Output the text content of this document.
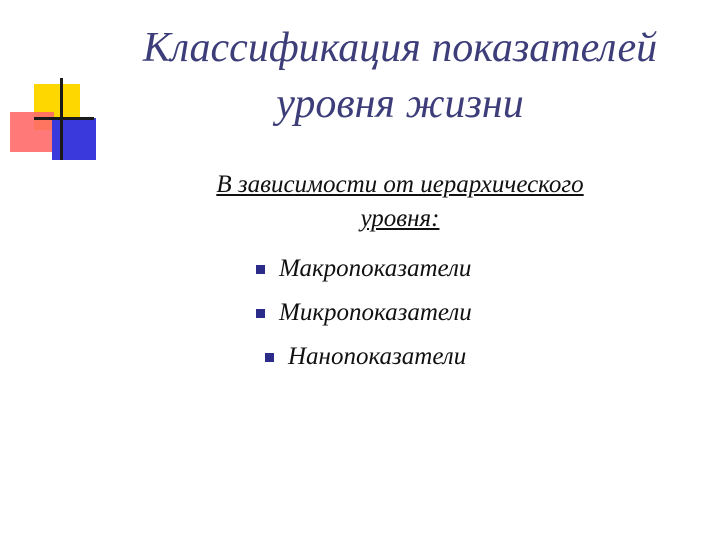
Классификация показателей
уровня жизни
В зависимости от иерархического
уровня:
Макропоказатели
Микропоказатели
Нанопоказатели
